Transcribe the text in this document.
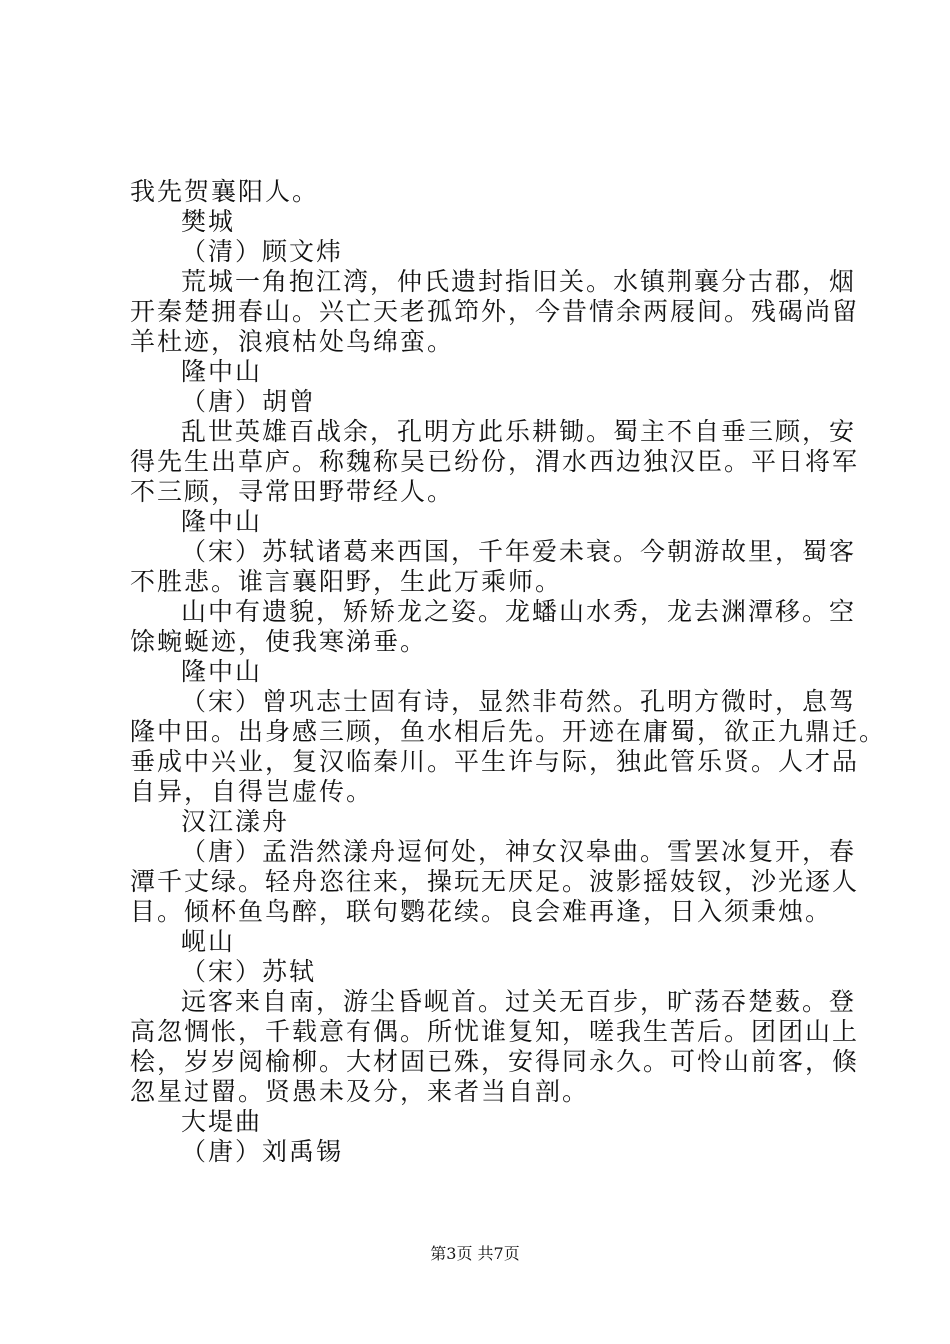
我先贺襄阳人。
樊城
（清）顾文炜
荒城一角抱江湾，仲氏遗封指旧关。水镇荆襄分古郡，烟
开秦楚拥春山。兴亡天老孤笻外，今昔情余两屐间。残碣尚留
羊杜迹，浪痕枯处鸟绵蛮。
隆中山
（唐）胡曾
乱世英雄百战余，孔明方此乐耕锄。蜀主不自垂三顾，安
得先生出草庐。称魏称吴已纷份，渭水西边独汉臣。平日将军
不三顾，寻常田野带经人。
隆中山
（宋）苏轼诸葛来西国，千年爱未衰。今朝游故里，蜀客
不胜悲。谁言襄阳野，生此万乘师。
山中有遗貌，矫矫龙之姿。龙蟠山水秀，龙去渊潭移。空
馀蜿蜒迹，使我寒涕垂。
隆中山
（宋）曾巩志士固有诗，显然非苟然。孔明方微时，息驾
隆中田。出身感三顾，鱼水相后先。开迹在庸蜀，欲正九鼎迁。
垂成中兴业，复汉临秦川。平生许与际，独此管乐贤。人才品
自异，自得岂虚传。
汉江漾舟
（唐）孟浩然漾舟逗何处，神女汉皋曲。雪罢冰复开，春
潭千丈绿。轻舟恣往来，操玩无厌足。波影摇妓钗，沙光逐人
目。倾杯鱼鸟醉，联句鹦花续。良会难再逢，日入须秉烛。
岘山
（宋）苏轼
远客来自南，游尘昏岘首。过关无百步，旷荡吞楚薮。登
高忽惆怅，千载意有偶。所忧谁复知，嗟我生苦后。团团山上
桧，岁岁阅榆柳。大材固已殊，安得同永久。可怜山前客，倏
忽星过罶。贤愚未及分，来者当自剖。
大堤曲
（唐）刘禹锡
第3页 共7页
